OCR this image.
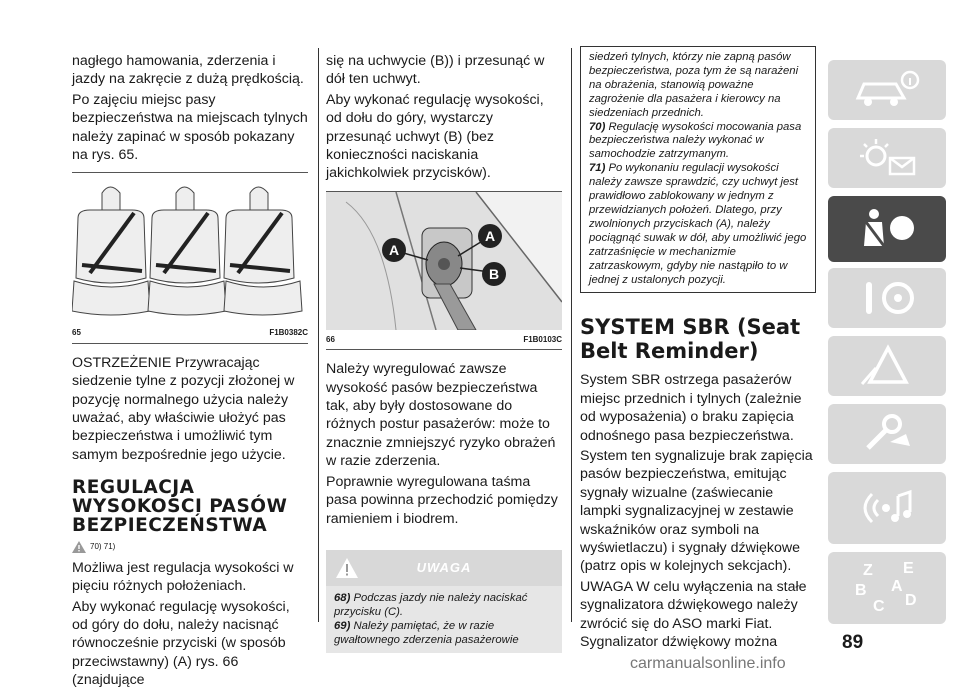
nagłego hamowania, zderzenia i jazdy na zakręcie z dużą prędkością.

Po zajęciu miejsc pasy bezpieczeństwa na miejscach tylnych należy zapinać w sposób pokazany na rys. 65.

65	F1B0382C

OSTRZEŻENIE Przywracając siedzenie tylne z pozycji złożonej w pozycję normalnego użycia należy uważać, aby właściwie ułożyć pas bezpieczeństwa i umożliwić tym samym bezpośrednie jego użycie.

REGULACJA WYSOKOŚCI PASÓW BEZPIECZEŃSTWA
70) 71)

Możliwa jest regulacja wysokości w pięciu różnych położeniach.

Aby wykonać regulację wysokości, od góry do dołu, należy nacisnąć równocześnie przyciski (w sposób przeciwstawny) (A) rys. 66 (znajdujące

się na uchwycie (B)) i przesunąć w dół ten uchwyt.

Aby wykonać regulację wysokości, od dołu do góry, wystarczy przesunąć uchwyt (B) (bez konieczności naciskania jakichkolwiek przycisków).

A
A
B
66	F1B0103C

Należy wyregulować zawsze wysokość pasów bezpieczeństwa tak, aby były dostosowane do różnych postur pasażerów: może to znacznie zmniejszyć ryzyko obrażeń w razie zderzenia.

Poprawnie wyregulowana taśma pasa powinna przechodzić pomiędzy ramieniem i biodrem.

UWAGA
68) Podczas jazdy nie należy naciskać przycisku (C).
69) Należy pamiętać, że w razie gwałtownego zderzenia pasażerowie

siedzeń tylnych, którzy nie zapną pasów bezpieczeństwa, poza tym że są narażeni na obrażenia, stanowią poważne zagrożenie dla pasażera i kierowcy na siedzeniach przednich.

70) Regulację wysokości mocowania pasa bezpieczeństwa należy wykonać w samochodzie zatrzymanym.

71) Po wykonaniu regulacji wysokości należy zawsze sprawdzić, czy uchwyt jest prawidłowo zablokowany w jednym z przewidzianych położeń. Dlatego, przy zwolnionych przyciskach (A), należy pociągnąć suwak w dół, aby umożliwić jego zatrzaśnięcie w mechanizmie zatrzaskowym, gdyby nie nastąpiło to w jednej z ustalonych pozycji.

SYSTEM SBR (Seat Belt Reminder)

System SBR ostrzega pasażerów miejsc przednich i tylnych (zależnie od wyposażenia) o braku zapięcia odnośnego pasa bezpieczeństwa.

System ten sygnalizuje brak zapięcia pasów bezpieczeństwa, emitując sygnały wizualne (zaświecanie lampki sygnalizacyjnej w zestawie wskaźników oraz symboli na wyświetlaczu) i sygnały dźwiękowe (patrz opis w kolejnych sekcjach).

UWAGA W celu wyłączenia na stałe sygnalizatora dźwiękowego należy zwrócić się do ASO marki Fiat. Sygnalizator dźwiękowy można

Z E
B
C D
A
89
carmanualsonline.info
